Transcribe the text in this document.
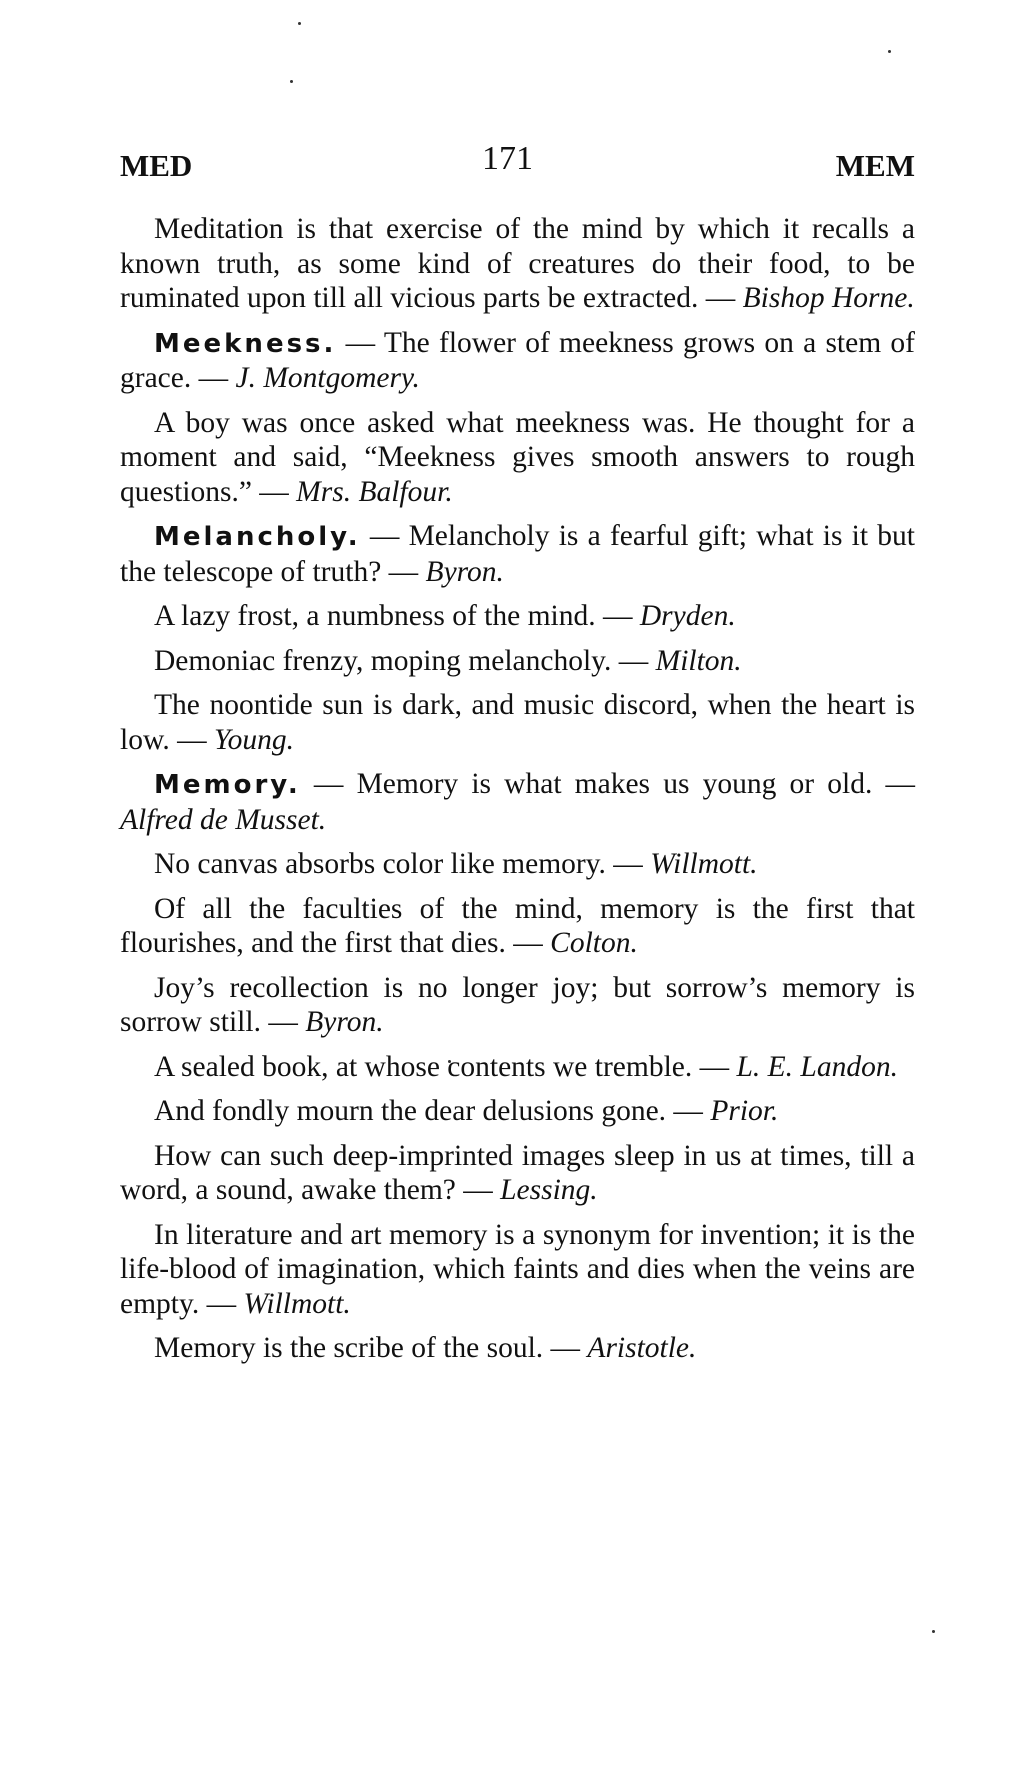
MED	171	MEM

Meditation is that exercise of the mind by which it recalls a known truth, as some kind of creatures do their food, to be ruminated upon till all vicious parts be extracted. — Bishop Horne.

Meekness. — The flower of meekness grows on a stem of grace. — J. Montgomery.

A boy was once asked what meekness was. He thought for a moment and said, “Meekness gives smooth answers to rough questions.” — Mrs. Balfour.

Melancholy. — Melancholy is a fearful gift; what is it but the telescope of truth? — Byron.

A lazy frost, a numbness of the mind. — Dryden.

Demoniac frenzy, moping melancholy. — Milton.

The noontide sun is dark, and music discord, when the heart is low. — Young.

Memory. — Memory is what makes us young or old. — Alfred de Musset.

No canvas absorbs color like memory. — Willmott.

Of all the faculties of the mind, memory is the first that flourishes, and the first that dies. — Colton.

Joy’s recollection is no longer joy; but sorrow’s memory is sorrow still. — Byron.

A sealed book, at whose contents we tremble. — L. E. Landon.

And fondly mourn the dear delusions gone. — Prior.

How can such deep-imprinted images sleep in us at times, till a word, a sound, awake them? — Lessing.

In literature and art memory is a synonym for invention; it is the life-blood of imagination, which faints and dies when the veins are empty. — Willmott.

Memory is the scribe of the soul. — Aristotle.
